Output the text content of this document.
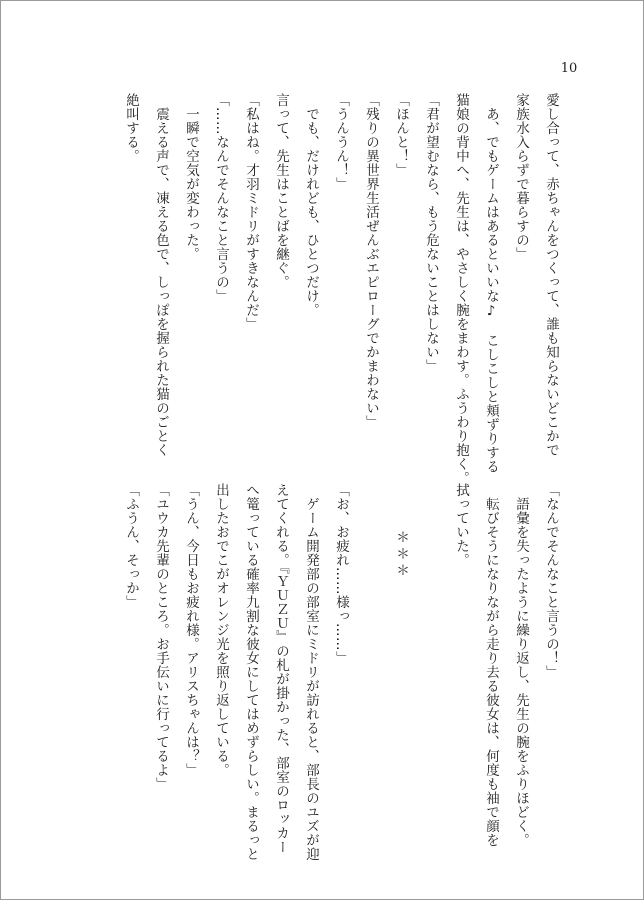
10
愛し合って、赤ちゃんをつくって、誰も知らないどこかで
家族水入らずで暮らすの」
あ、でもゲームはあるといいな♪　こしこしと頬ずりする
猫娘の背中へ、先生は、やさしく腕をまわす。ふうわり抱く。
「君が望むなら、もう危ないことはしない」
「ほんと！」
「残りの異世界生活ぜんぶエピローグでかまわない」
「うんうん！」
でも、だけれども、ひとつだけ。
言って、先生はことばを継ぐ。
「私はね。才羽ミドリがすきなんだ」
「……なんでそんなこと言うの」
一瞬で空気が変わった。
震える声で、凍える色で、しっぽを握られた猫のごとく
絶叫する。
「なんでそんなこと言うの！」
語彙を失ったように繰り返し、先生の腕をふりほどく。
転びそうになりながら走り去る彼女は、何度も袖で顔を
拭っていた。

＊＊＊

「お、お疲れ……様っ……」
ゲーム開発部の部室にミドリが訪れると、部長のユズが迎
えてくれる。『ＹＵＺＵ』の札が掛かった、部室のロッカー
へ篭っている確率九割な彼女にしてはめずらしい。まるっと
出したおでこがオレンジ光を照り返している。
「うん、今日もお疲れ様。アリスちゃんは？」
「ユウカ先輩のところ。お手伝いに行ってるよ」
「ふうん、そっか」
